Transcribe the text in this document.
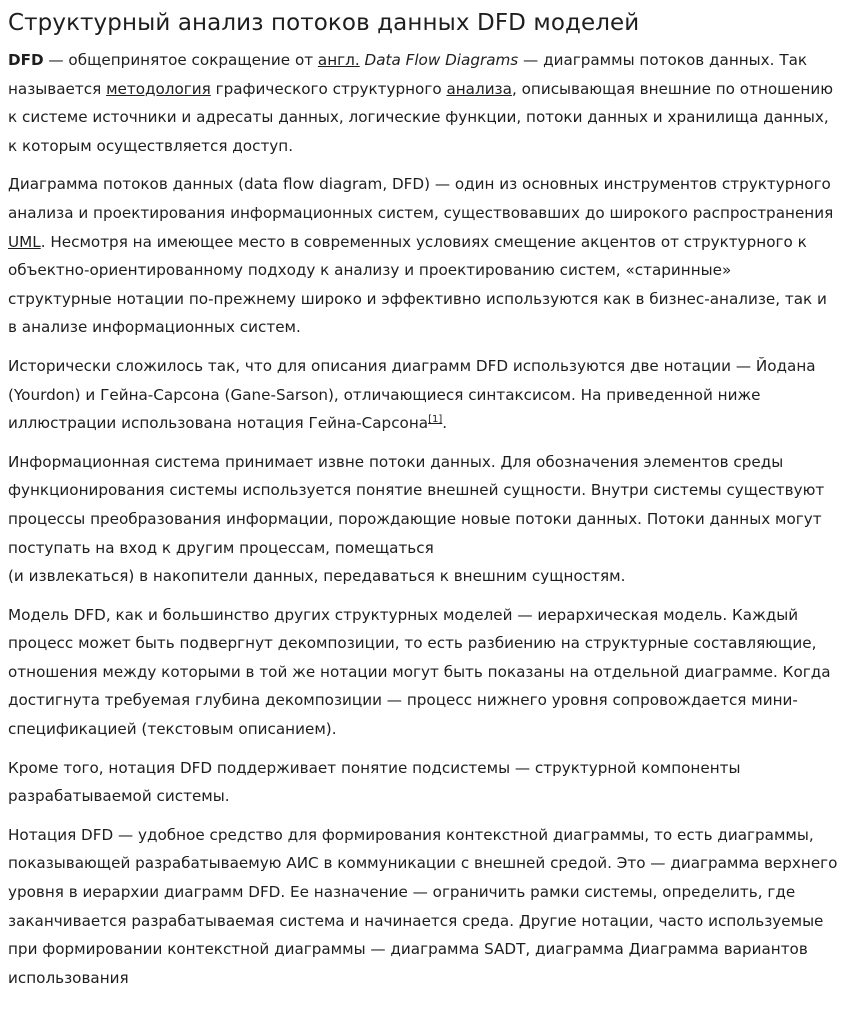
Структурный анализ потоков данных DFD моделей

DFD — общепринятое сокращение от англ. Data Flow Diagrams — диаграммы потоков данных. Так называется методология графического структурного анализа, описывающая внешние по отношению к системе источники и адресаты данных, логические функции, потоки данных и хранилища данных, к которым осуществляется доступ.

Диаграмма потоков данных (data flow diagram, DFD) — один из основных инструментов структурного анализа и проектирования информационных систем, существовавших до широкого распространения UML. Несмотря на имеющее место в современных условиях смещение акцентов от структурного к объектно-ориентированному подходу к анализу и проектированию систем, «старинные» структурные нотации по-прежнему широко и эффективно используются как в бизнес-анализе, так и в анализе информационных систем.

Исторически сложилось так, что для описания диаграмм DFD используются две нотации — Йодана (Yourdon) и Гейна-Сарсона (Gane-Sarson), отличающиеся синтаксисом. На приведенной ниже иллюстрации использована нотация Гейна-Сарсона[1].

Информационная система принимает извне потоки данных. Для обозначения элементов среды функционирования системы используется понятие внешней сущности. Внутри системы существуют процессы преобразования информации, порождающие новые потоки данных. Потоки данных могут поступать на вход к другим процессам, помещаться
(и извлекаться) в накопители данных, передаваться к внешним сущностям.

Модель DFD, как и большинство других структурных моделей — иерархическая модель. Каждый процесс может быть подвергнут декомпозиции, то есть разбиению на структурные составляющие, отношения между которыми в той же нотации могут быть показаны на отдельной диаграмме. Когда достигнута требуемая глубина декомпозиции — процесс нижнего уровня сопровождается мини-спецификацией (текстовым описанием).

Кроме того, нотация DFD поддерживает понятие подсистемы — структурной компоненты разрабатываемой системы.

Нотация DFD — удобное средство для формирования контекстной диаграммы, то есть диаграммы, показывающей разрабатываемую АИС в коммуникации с внешней средой. Это — диаграмма верхнего уровня в иерархии диаграмм DFD. Ее назначение — ограничить рамки системы, определить, где заканчивается разрабатываемая система и начинается среда. Другие нотации, часто используемые при формировании контекстной диаграммы — диаграмма SADT, диаграмма Диаграмма вариантов использования
